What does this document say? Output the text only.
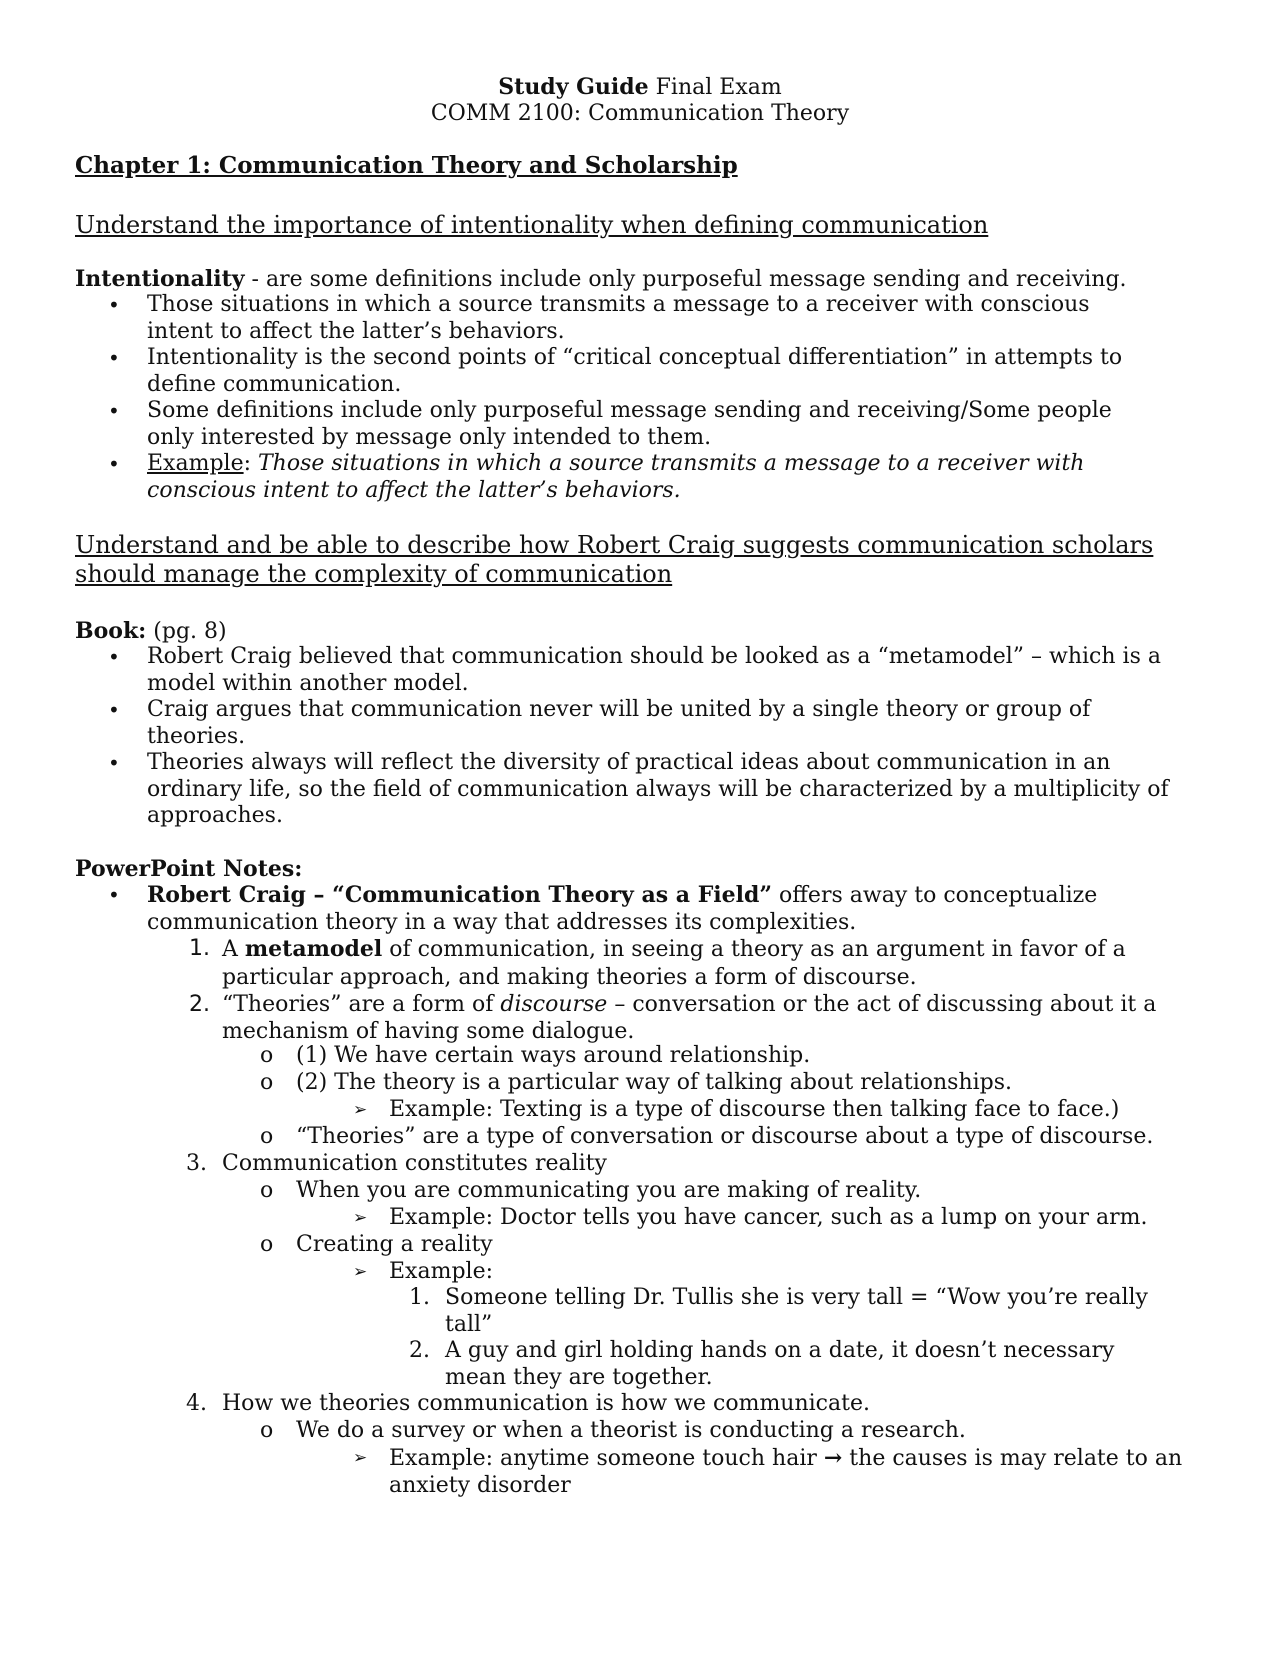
Study Guide Final Exam
COMM 2100: Communication Theory
Chapter 1: Communication Theory and Scholarship
Understand the importance of intentionality when defining communication
Intentionality - are some definitions include only purposeful message sending and receiving.
•	Those situations in which a source transmits a message to a receiver with conscious intent to affect the latter’s behaviors.
•	Intentionality is the second points of “critical conceptual differentiation” in attempts to define communication.
•	Some definitions include only purposeful message sending and receiving/Some people only interested by message only intended to them.
•	Example: Those situations in which a source transmits a message to a receiver with conscious intent to affect the latter’s behaviors.
Understand and be able to describe how Robert Craig suggests communication scholars should manage the complexity of communication
Book: (pg. 8)
•	Robert Craig believed that communication should be looked as a “metamodel” – which is a model within another model.
•	Craig argues that communication never will be united by a single theory or group of theories.
•	Theories always will reflect the diversity of practical ideas about communication in an ordinary life, so the field of communication always will be characterized by a multiplicity of approaches.
PowerPoint Notes:
•	Robert Craig – “Communication Theory as a Field” offers away to conceptualize communication theory in a way that addresses its complexities.
1. A metamodel of communication, in seeing a theory as an argument in favor of a particular approach, and making theories a form of discourse.
2. “Theories” are a form of discourse – conversation or the act of discussing about it a mechanism of having some dialogue.
o (1) We have certain ways around relationship.
o (2) The theory is a particular way of talking about relationships.
➢ Example: Texting is a type of discourse then talking face to face.)
o “Theories” are a type of conversation or discourse about a type of discourse.
3. Communication constitutes reality
o When you are communicating you are making of reality.
➢ Example: Doctor tells you have cancer, such as a lump on your arm.
o Creating a reality
➢ Example:
1. Someone telling Dr. Tullis she is very tall = “Wow you’re really tall”
2. A guy and girl holding hands on a date, it doesn’t necessary mean they are together.
4. How we theories communication is how we communicate.
o We do a survey or when a theorist is conducting a research.
➢ Example: anytime someone touch hair → the causes is may relate to an anxiety disorder
